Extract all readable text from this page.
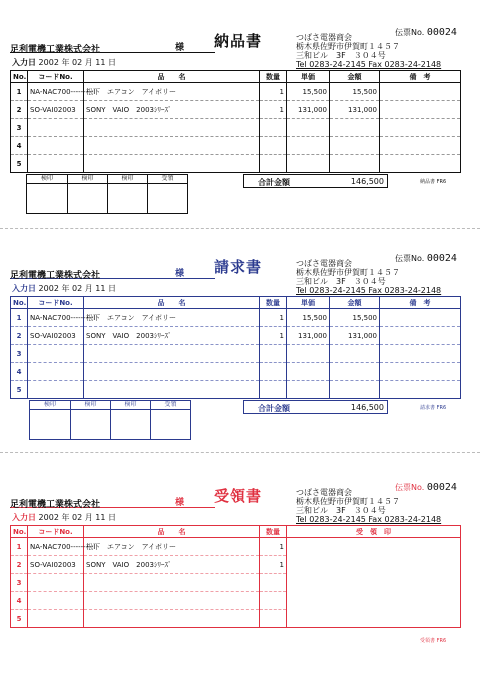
納品書	伝票No. 00024
足利電機工業株式会社	様
つばさ電器商会
栃木県佐野市伊賀町１４５７
三和ビル　3F　３０４号
Tel 0283-24-2145 Fax 0283-24-2148
入力日 2002 年 02 月 11 日
No.	コードNo.	品　　名	数量	単価	金額	備　考
1	NA-NAC700---------I	松下　エアコン　アイボリー	1	15,500	15,500	
2	SO-VAI02003	SONY　VAIO　2003ｼﾘｰｽﾞ	1	131,000	131,000	
3						
4						
5						
検印	検印	検印	受領	合計金額	146,500	納品書 FR6
請求書	伝票No. 00024
足利電機工業株式会社	様
つばさ電器商会
栃木県佐野市伊賀町１４５７
三和ビル　3F　３０４号
Tel 0283-24-2145 Fax 0283-24-2148
入力日 2002 年 02 月 11 日
No.	コードNo.	品　　名	数量	単価	金額	備　考
1	NA-NAC700---------I	松下　エアコン　アイボリー	1	15,500	15,500	
2	SO-VAI02003	SONY　VAIO　2003ｼﾘｰｽﾞ	1	131,000	131,000	
3						
4						
5						
検印	検印	検印	受領	合計金額	146,500	請求書 FR6
受領書	伝票No. 00024
足利電機工業株式会社	様
つばさ電器商会
栃木県佐野市伊賀町１４５７
三和ビル　3F　３０４号
Tel 0283-24-2145 Fax 0283-24-2148
入力日 2002 年 02 月 11 日
No.	コードNo.	品　　名	数量	受　領　印
1	NA-NAC700---------I	松下　エアコン　アイボリー	1	
2	SO-VAI02003	SONY　VAIO　2003ｼﾘｰｽﾞ	1	
3				
4				
5				
受領書 FR6
